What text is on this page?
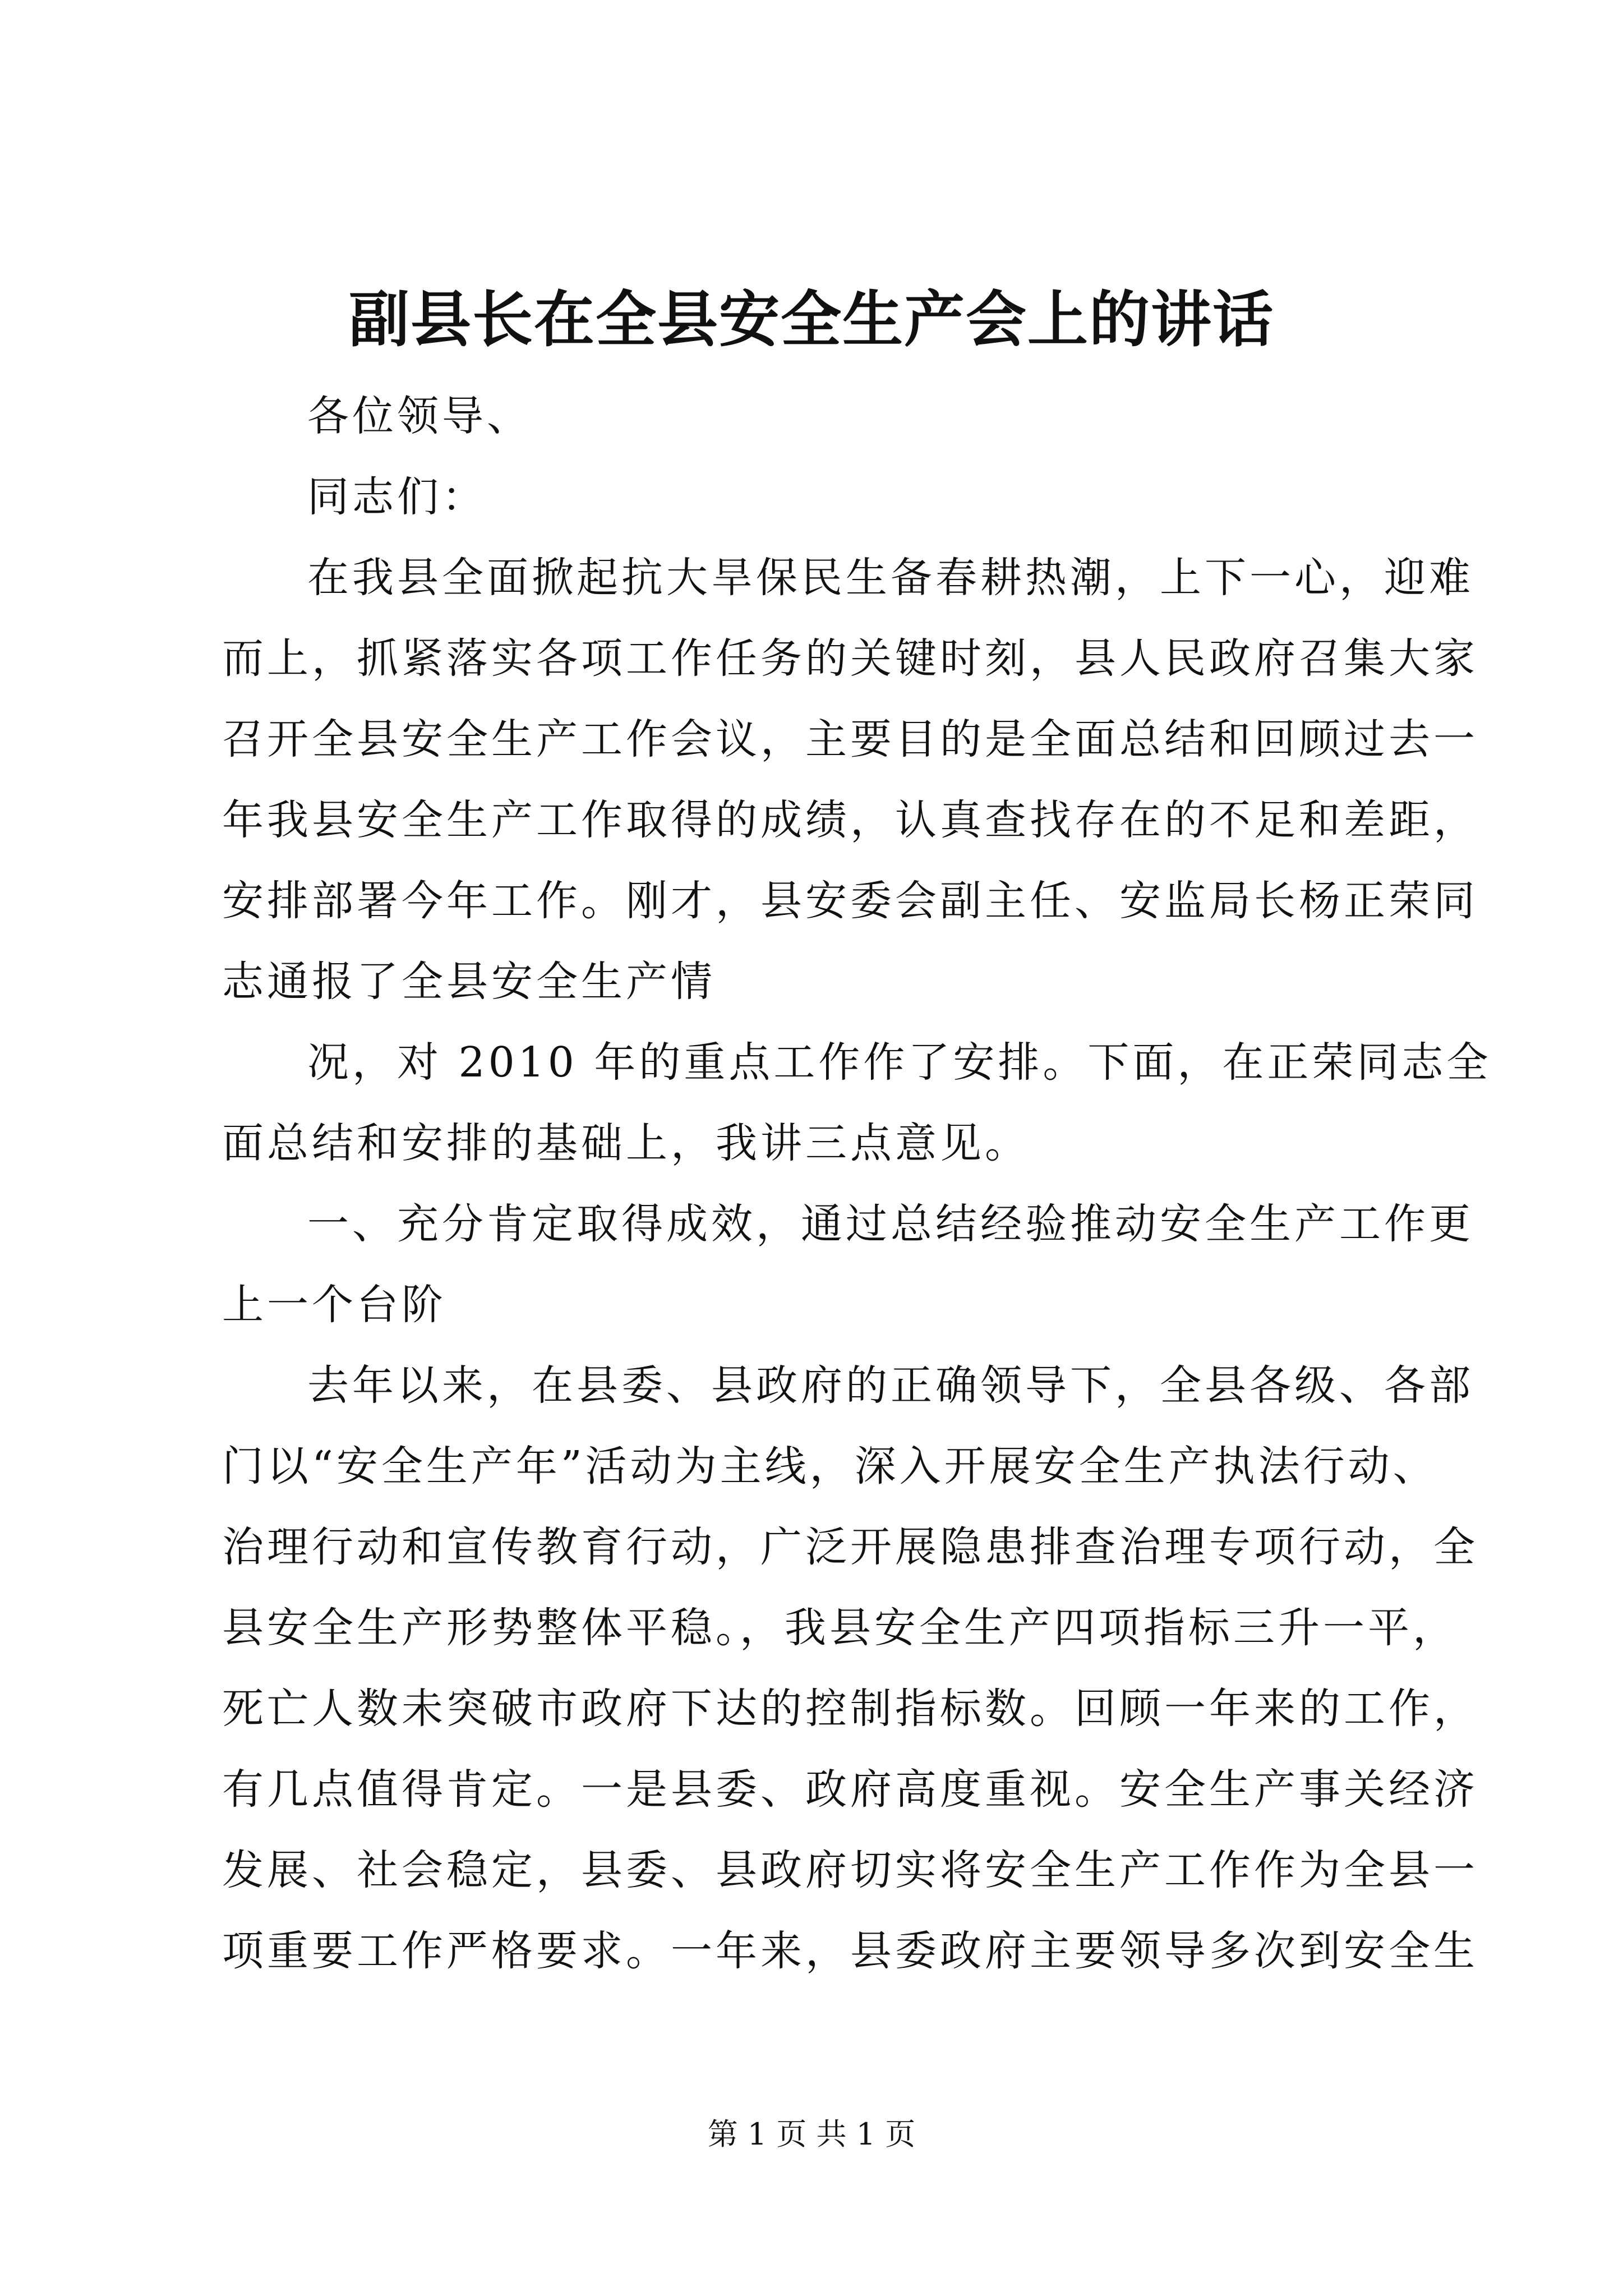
副县长在全县安全生产会上的讲话
各位领导、
同志们：
在我县全面掀起抗大旱保民生备春耕热潮，上下一心，迎难
而上，抓紧落实各项工作任务的关键时刻，县人民政府召集大家
召开全县安全生产工作会议，主要目的是全面总结和回顾过去一
年我县安全生产工作取得的成绩，认真查找存在的不足和差距，
安排部署今年工作。刚才，县安委会副主任、安监局长杨正荣同
志通报了全县安全生产情
况，对 2010 年的重点工作作了安排。下面，在正荣同志全
面总结和安排的基础上，我讲三点意见。
一、充分肯定取得成效，通过总结经验推动安全生产工作更
上一个台阶
去年以来，在县委、县政府的正确领导下，全县各级、各部
门以“安全生产年”活动为主线，深入开展安全生产执法行动、
治理行动和宣传教育行动，广泛开展隐患排查治理专项行动，全
县安全生产形势整体平稳。，我县安全生产四项指标三升一平，
死亡人数未突破市政府下达的控制指标数。回顾一年来的工作，
有几点值得肯定。一是县委、政府高度重视。安全生产事关经济
发展、社会稳定，县委、县政府切实将安全生产工作作为全县一
项重要工作严格要求。一年来，县委政府主要领导多次到安全生
第 1 页 共 1 页
